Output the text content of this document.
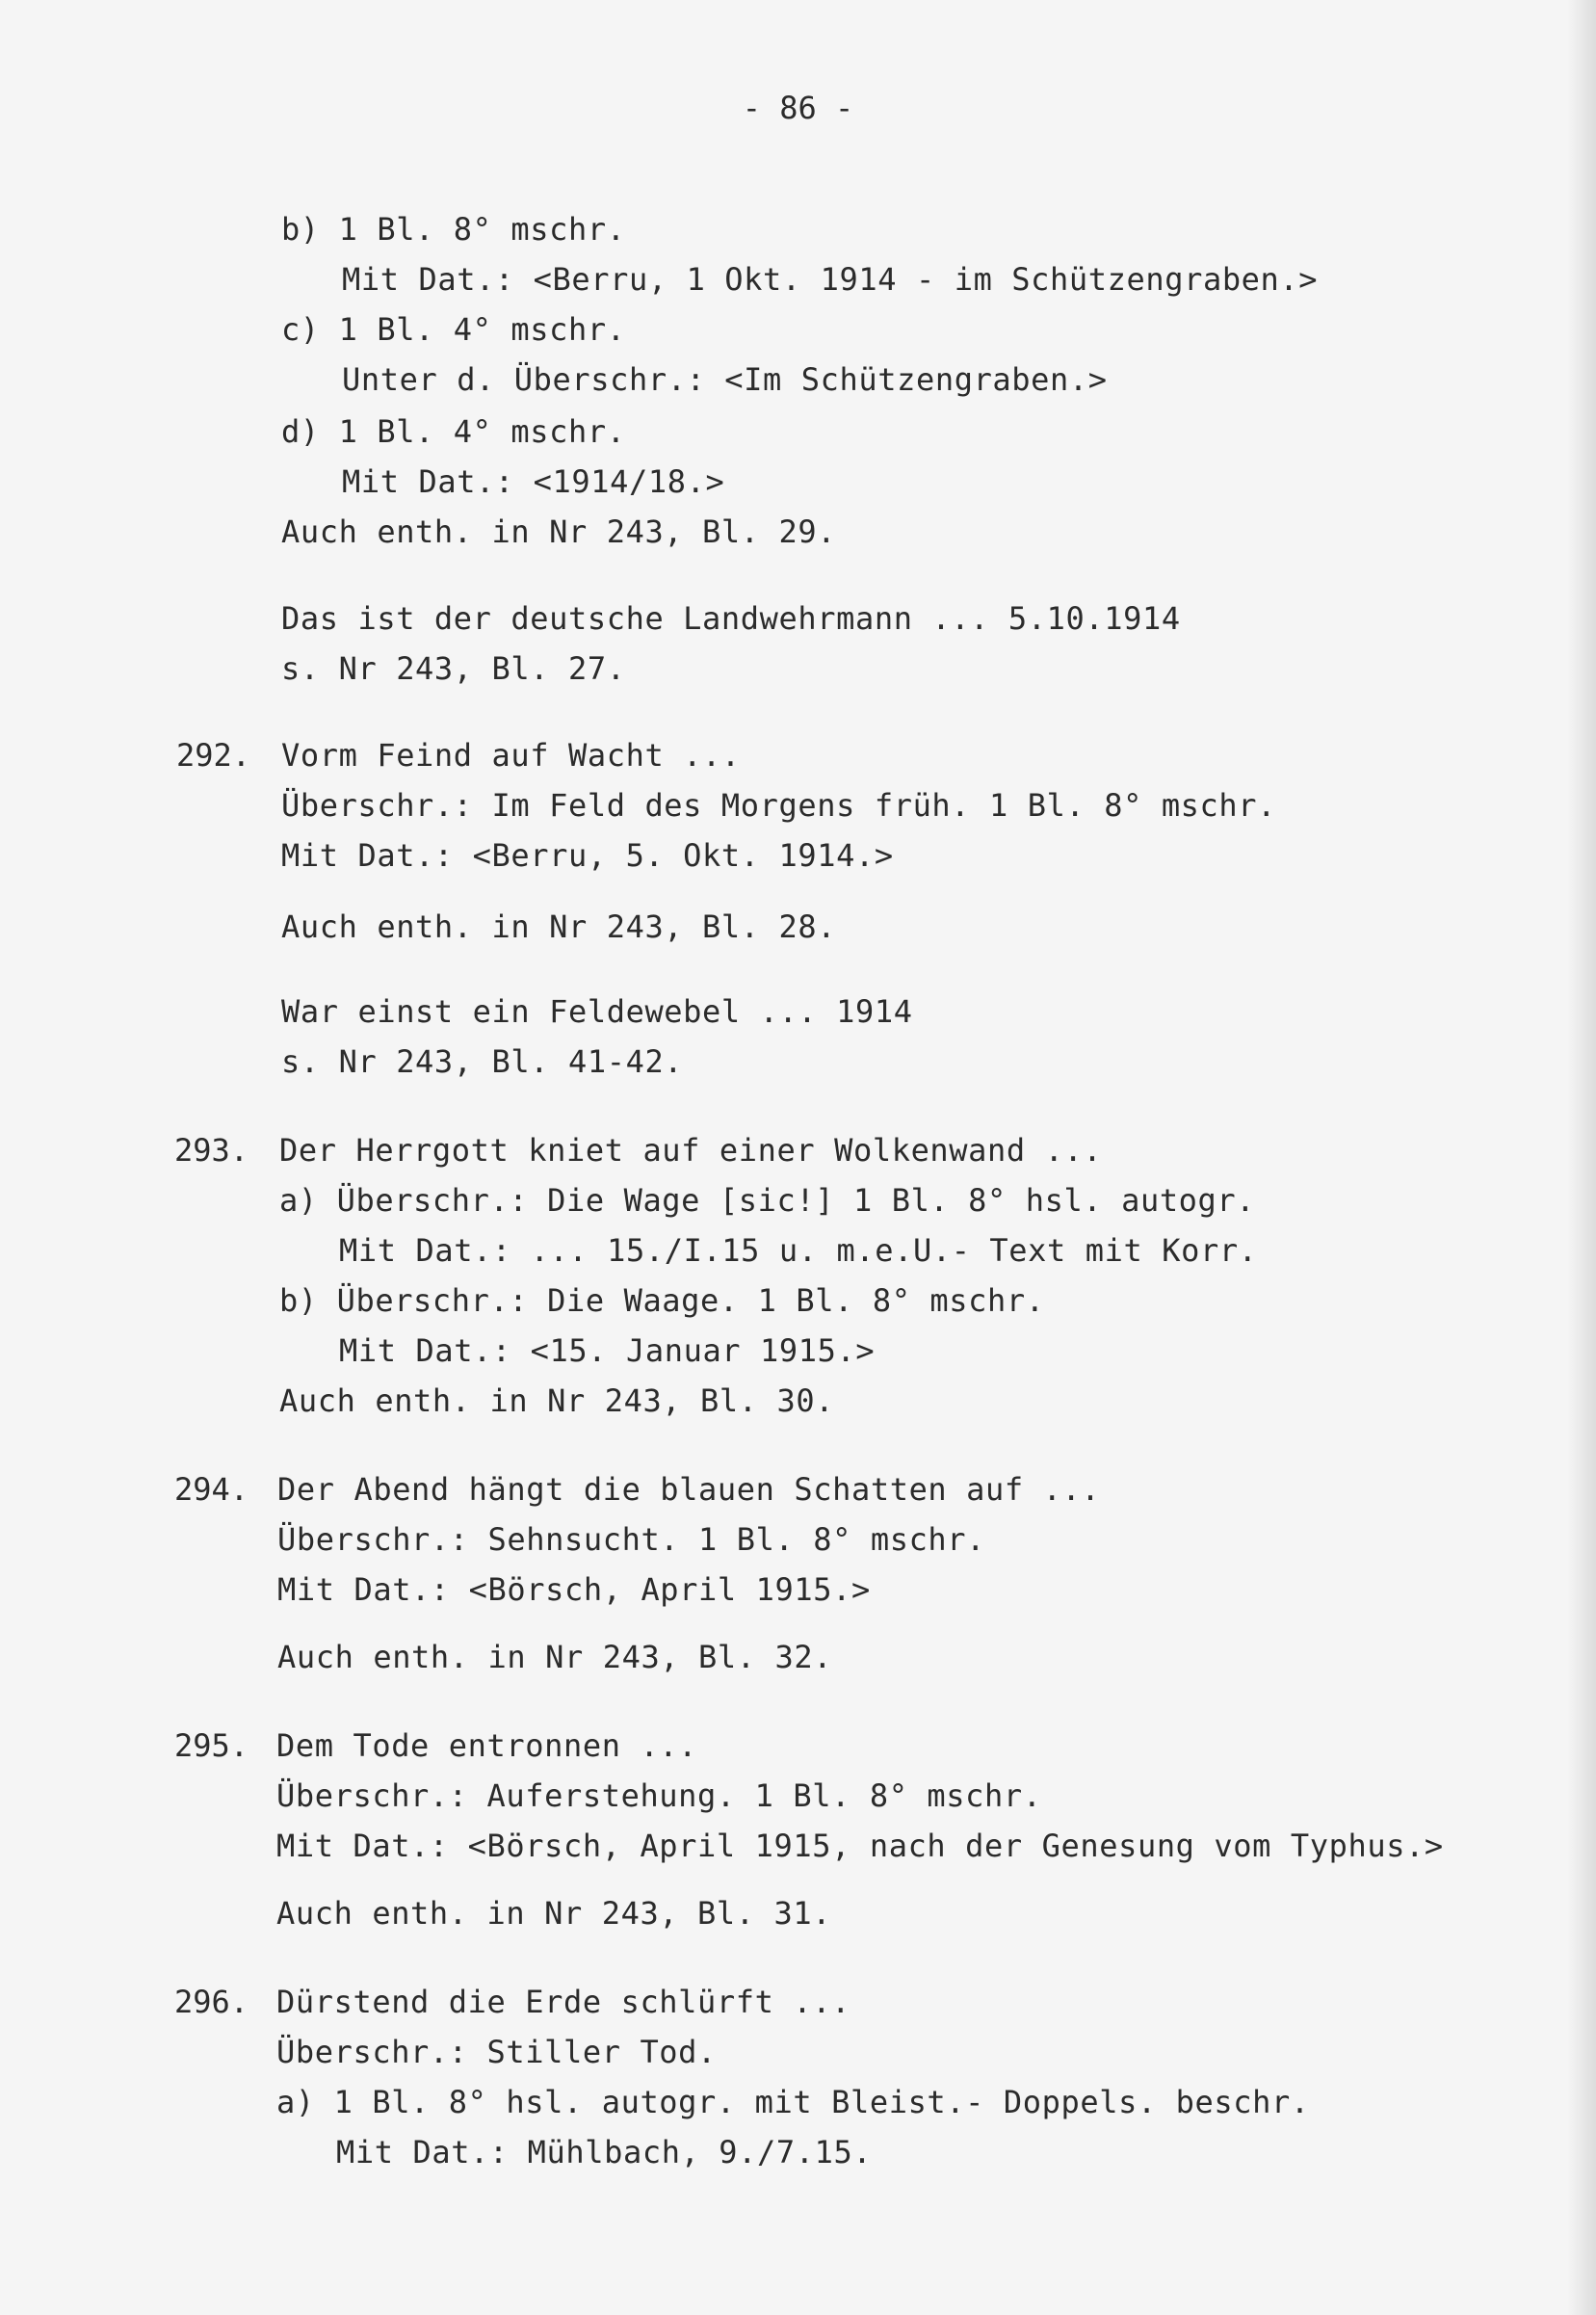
- 86 -
b) 1 Bl. 8° mschr.
Mit Dat.: <Berru, 1 Okt. 1914 - im Schützengraben.>
c) 1 Bl. 4° mschr.
Unter d. Überschr.: <Im Schützengraben.>
d) 1 Bl. 4° mschr.
Mit Dat.: <1914/18.>
Auch enth. in Nr 243, Bl. 29.
Das ist der deutsche Landwehrmann ... 5.10.1914
s. Nr 243, Bl. 27.
292. Vorm Feind auf Wacht ...
Überschr.: Im Feld des Morgens früh. 1 Bl. 8° mschr.
Mit Dat.: <Berru, 5. Okt. 1914.>
Auch enth. in Nr 243, Bl. 28.
War einst ein Feldewebel ... 1914
s. Nr 243, Bl. 41-42.
293. Der Herrgott kniet auf einer Wolkenwand ...
a) Überschr.: Die Wage [sic!] 1 Bl. 8° hsl. autogr.
Mit Dat.: ... 15./I.15 u. m.e.U.- Text mit Korr.
b) Überschr.: Die Waage. 1 Bl. 8° mschr.
Mit Dat.: <15. Januar 1915.>
Auch enth. in Nr 243, Bl. 30.
294. Der Abend hängt die blauen Schatten auf ...
Überschr.: Sehnsucht. 1 Bl. 8° mschr.
Mit Dat.: <Börsch, April 1915.>
Auch enth. in Nr 243, Bl. 32.
295. Dem Tode entronnen ...
Überschr.: Auferstehung. 1 Bl. 8° mschr.
Mit Dat.: <Börsch, April 1915, nach der Genesung vom Typhus.>
Auch enth. in Nr 243, Bl. 31.
296. Dürstend die Erde schlürft ...
Überschr.: Stiller Tod.
a) 1 Bl. 8° hsl. autogr. mit Bleist.- Doppels. beschr.
Mit Dat.: Mühlbach, 9./7.15.
